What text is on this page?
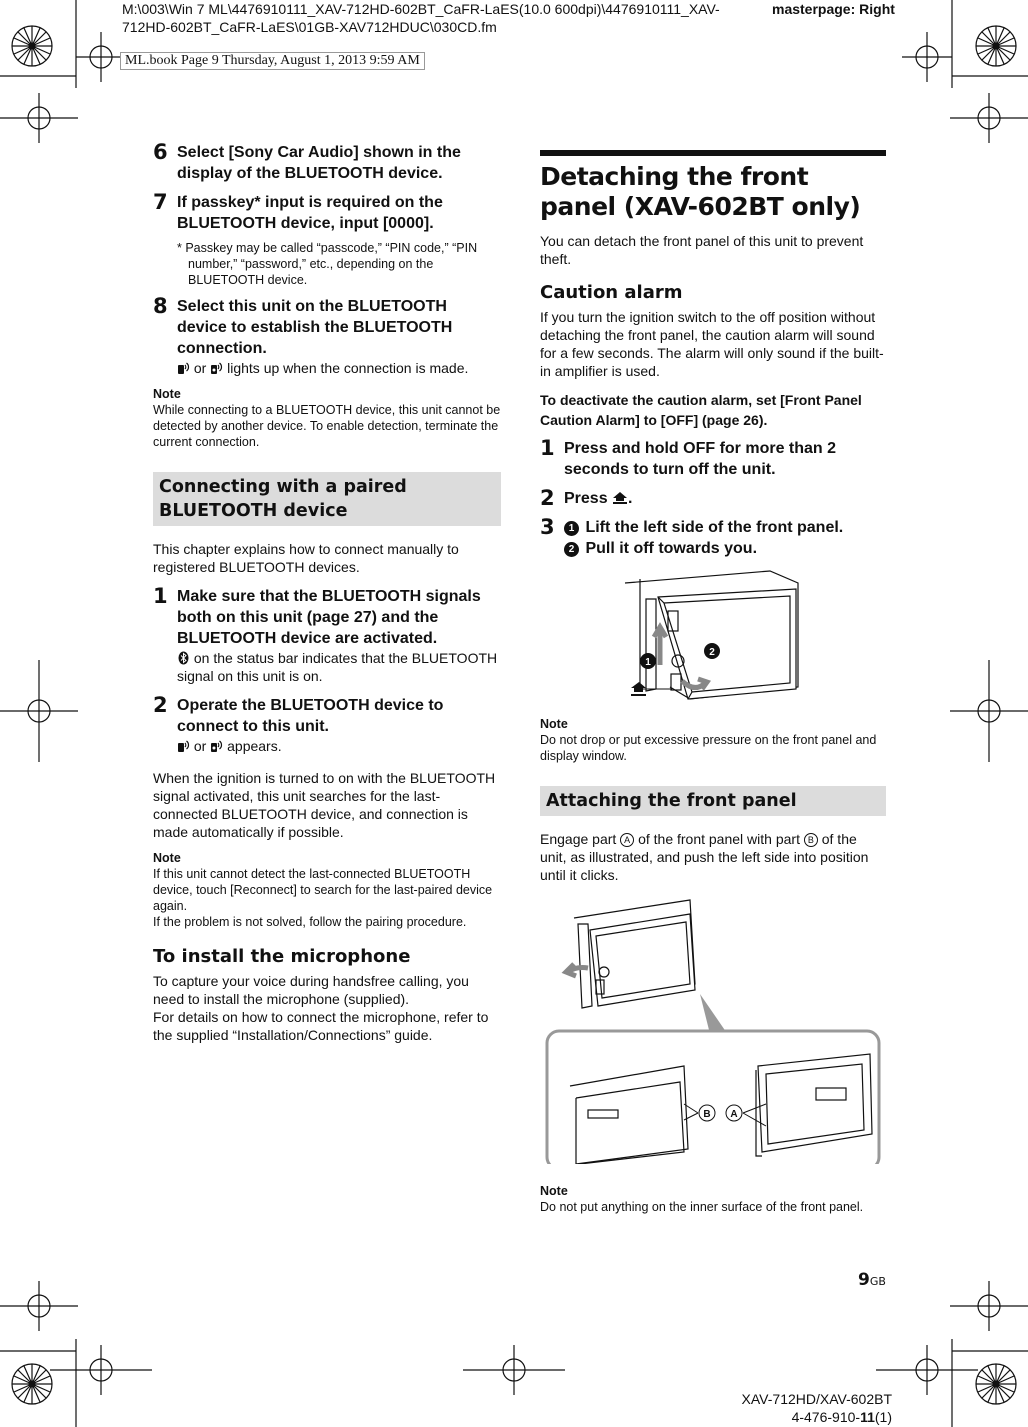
M:\003\Win 7 ML\4476910111_XAV-712HD-602BT_CaFR-LaES(10.0 600dpi)\4476910111_XAV-
712HD-602BT_CaFR-LaES\01GB-XAV712HDUC\030CD.fm
masterpage: Right
ML.book Page 9 Thursday, August 1, 2013 9:59 AM
6 Select [Sony Car Audio] shown in the display of the BLUETOOTH device.
7 If passkey* input is required on the BLUETOOTH device, input [0000].
* Passkey may be called “passcode,” “PIN code,” “PIN number,” “password,” etc., depending on the BLUETOOTH device.
8 Select this unit on the BLUETOOTH device to establish the BLUETOOTH connection.
or lights up when the connection is made.
Note
While connecting to a BLUETOOTH device, this unit cannot be detected by another device. To enable detection, terminate the current connection.
Connecting with a paired BLUETOOTH device
This chapter explains how to connect manually to registered BLUETOOTH devices.
1 Make sure that the BLUETOOTH signals both on this unit (page 27) and the BLUETOOTH device are activated.
on the status bar indicates that the BLUETOOTH signal on this unit is on.
2 Operate the BLUETOOTH device to connect to this unit.
or appears.
When the ignition is turned to on with the BLUETOOTH signal activated, this unit searches for the last-connected BLUETOOTH device, and connection is made automatically if possible.
Note
If this unit cannot detect the last-connected BLUETOOTH device, touch [Reconnect] to search for the last-paired device again.
If the problem is not solved, follow the pairing procedure.
To install the microphone
To capture your voice during handsfree calling, you need to install the microphone (supplied).
For details on how to connect the microphone, refer to the supplied “Installation/Connections” guide.
Detaching the front panel (XAV-602BT only)
You can detach the front panel of this unit to prevent theft.
Caution alarm
If you turn the ignition switch to the off position without detaching the front panel, the caution alarm will sound for a few seconds. The alarm will only sound if the built-in amplifier is used.
To deactivate the caution alarm, set [Front Panel Caution Alarm] to [OFF] (page 26).
1 Press and hold OFF for more than 2 seconds to turn off the unit.
2 Press .
3	1 Lift the left side of the front panel.
2 Pull it off towards you.
1
2
Note
Do not drop or put excessive pressure on the front panel and display window.
Attaching the front panel
Engage part A of the front panel with part B of the unit, as illustrated, and push the left side into position until it clicks.
B A
Note
Do not put anything on the inner surface of the front panel.
9GB
XAV-712HD/XAV-602BT
4-476-910-11(1)
